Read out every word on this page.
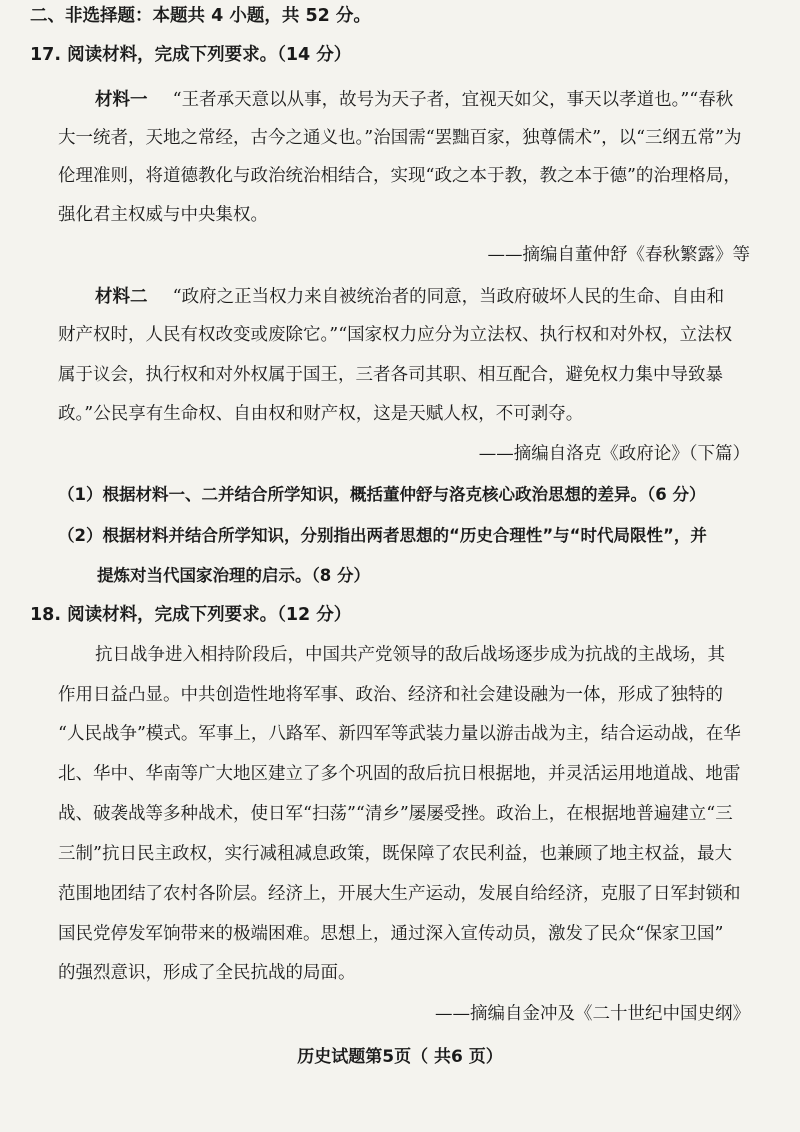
二、非选择题：本题共 4 小题，共 52 分。
17. 阅读材料，完成下列要求。（14 分）
材料一 “王者承天意以从事，故号为天子者，宜视天如父，事天以孝道也。”“春秋
大一统者，天地之常经，古今之通义也。”治国需“罢黜百家，独尊儒术”，以“三纲五常”为
伦理准则，将道德教化与政治统治相结合，实现“政之本于教，教之本于德”的治理格局，
强化君主权威与中央集权。
——摘编自董仲舒《春秋繁露》等
材料二 “政府之正当权力来自被统治者的同意，当政府破坏人民的生命、自由和
财产权时，人民有权改变或废除它。”“国家权力应分为立法权、执行权和对外权，立法权
属于议会，执行权和对外权属于国王，三者各司其职、相互配合，避免权力集中导致暴
政。”公民享有生命权、自由权和财产权，这是天赋人权，不可剥夺。
——摘编自洛克《政府论》（下篇）
（1）根据材料一、二并结合所学知识，概括董仲舒与洛克核心政治思想的差异。（6 分）
（2）根据材料并结合所学知识，分别指出两者思想的“历史合理性”与“时代局限性”，并
提炼对当代国家治理的启示。（8 分）
18. 阅读材料，完成下列要求。（12 分）
抗日战争进入相持阶段后，中国共产党领导的敌后战场逐步成为抗战的主战场，其
作用日益凸显。中共创造性地将军事、政治、经济和社会建设融为一体，形成了独特的
“人民战争”模式。军事上，八路军、新四军等武装力量以游击战为主，结合运动战，在华
北、华中、华南等广大地区建立了多个巩固的敌后抗日根据地，并灵活运用地道战、地雷
战、破袭战等多种战术，使日军“扫荡”“清乡”屡屡受挫。政治上，在根据地普遍建立“三
三制”抗日民主政权，实行减租减息政策，既保障了农民利益，也兼顾了地主权益，最大
范围地团结了农村各阶层。经济上，开展大生产运动，发展自给经济，克服了日军封锁和
国民党停发军饷带来的极端困难。思想上，通过深入宣传动员，激发了民众“保家卫国”
的强烈意识，形成了全民抗战的局面。
——摘编自金冲及《二十世纪中国史纲》
历史试题第5页（ 共6 页）
